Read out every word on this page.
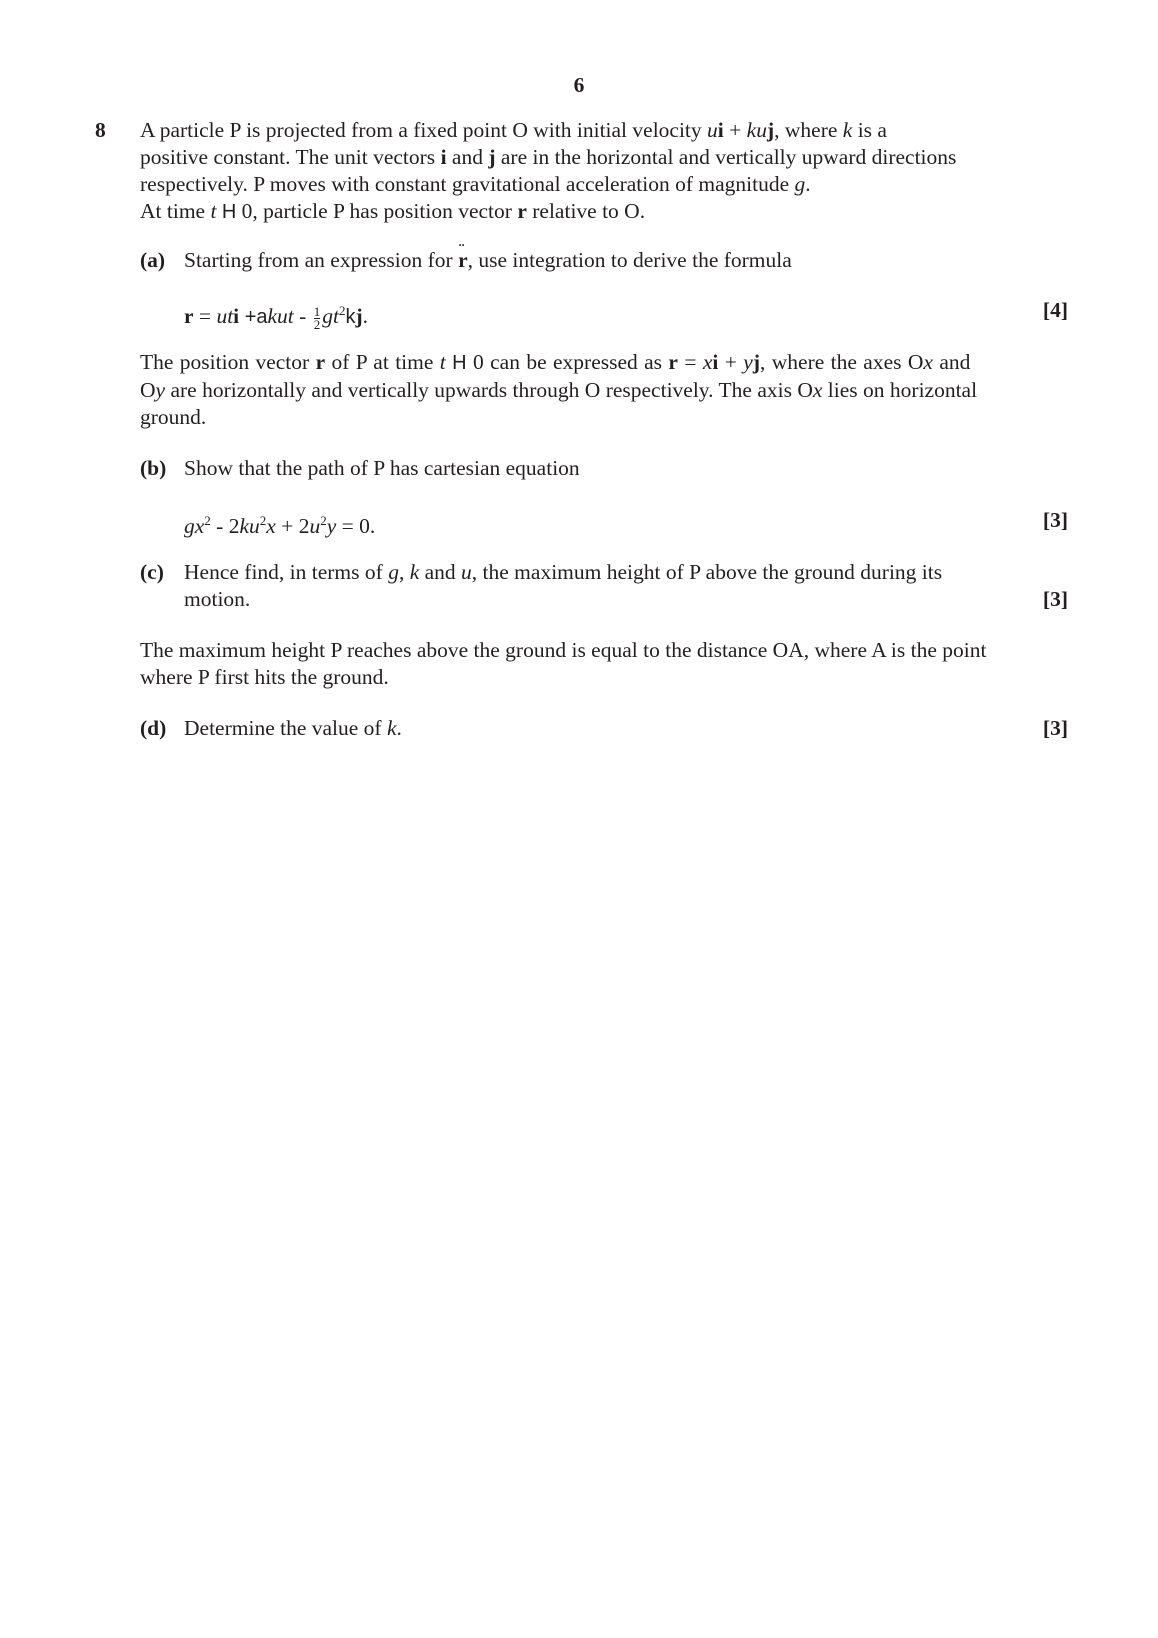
6
8 A particle P is projected from a fixed point O with initial velocity ui + kuj, where k is a
positive constant. The unit vectors i and j are in the horizontal and vertically upward directions
respectively. P moves with constant gravitational acceleration of magnitude g.
At time t H 0, particle P has position vector r relative to O.
(a) Starting from an expression for ·· r, use integration to derive the formula
r = uti +akut - $\frac{1}{2} gt^2kj$.	[4]
The position vector r of P at time t H 0 can be expressed as r = xi + yj, where the axes Ox and
Oy are horizontally and vertically upwards through O respectively. The axis Ox lies on horizontal
ground.
(b) Show that the path of P has cartesian equation
$gx^2 - 2ku^2x + 2u^2y = 0$.	[3]
(c) Hence find, in terms of g, k and u, the maximum height of P above the ground during its
motion.	[3]
The maximum height P reaches above the ground is equal to the distance OA, where A is the point
where P first hits the ground.
(d) Determine the value of k.	[3]
